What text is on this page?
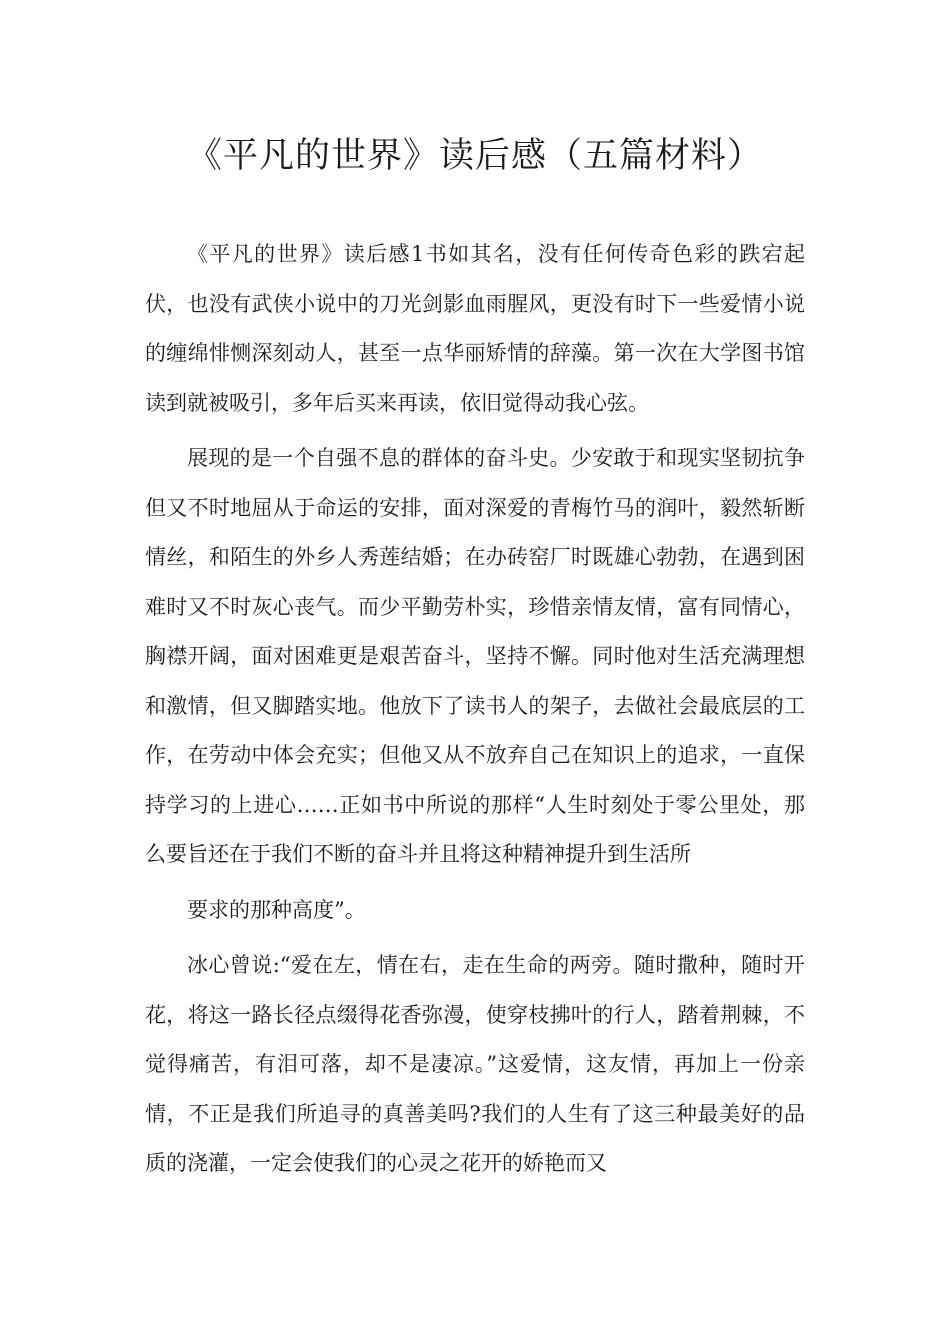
《平凡的世界》读后感（五篇材料）

《平凡的世界》读后感1书如其名，没有任何传奇色彩的跌宕起伏，也没有武侠小说中的刀光剑影血雨腥风，更没有时下一些爱情小说的缠绵悱恻深刻动人，甚至一点华丽矫情的辞藻。第一次在大学图书馆读到就被吸引，多年后买来再读，依旧觉得动我心弦。

展现的是一个自强不息的群体的奋斗史。少安敢于和现实坚韧抗争但又不时地屈从于命运的安排，面对深爱的青梅竹马的润叶，毅然斩断情丝，和陌生的外乡人秀莲结婚；在办砖窑厂时既雄心勃勃，在遇到困难时又不时灰心丧气。而少平勤劳朴实，珍惜亲情友情，富有同情心，胸襟开阔，面对困难更是艰苦奋斗，坚持不懈。同时他对生活充满理想和激情，但又脚踏实地。他放下了读书人的架子，去做社会最底层的工作，在劳动中体会充实；但他又从不放弃自己在知识上的追求，一直保持学习的上进心……正如书中所说的那样“人生时刻处于零公里处，那么要旨还在于我们不断的奋斗并且将这种精神提升到生活所

要求的那种高度”。

冰心曾说:“爱在左，情在右，走在生命的两旁。随时撒种，随时开花，将这一路长径点缀得花香弥漫，使穿枝拂叶的行人，踏着荆棘，不觉得痛苦，有泪可落，却不是凄凉。”这爱情，这友情，再加上一份亲情，不正是我们所追寻的真善美吗?我们的人生有了这三种最美好的品质的浇灌，一定会使我们的心灵之花开的娇艳而又
